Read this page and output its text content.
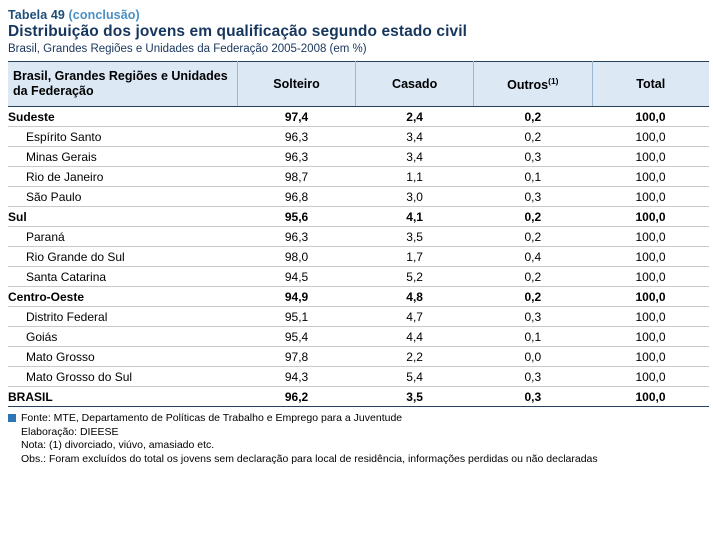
Tabela 49 (conclusão)
Distribuição dos jovens em qualificação segundo estado civil
Brasil, Grandes Regiões e Unidades da Federação 2005-2008 (em %)
Brasil, Grandes Regiões e Unidades da Federação	Solteiro	Casado	Outros$^{(1)}$	Total
Sudeste	97,4	2,4	0,2	100,0
Espírito Santo	96,3	3,4	0,2	100,0
Minas Gerais	96,3	3,4	0,3	100,0
Rio de Janeiro	98,7	1,1	0,1	100,0
São Paulo	96,8	3,0	0,3	100,0
Sul	95,6	4,1	0,2	100,0
Paraná	96,3	3,5	0,2	100,0
Rio Grande do Sul	98,0	1,7	0,4	100,0
Santa Catarina	94,5	5,2	0,2	100,0
Centro-Oeste	94,9	4,8	0,2	100,0
Distrito Federal	95,1	4,7	0,3	100,0
Goiás	95,4	4,4	0,1	100,0
Mato Grosso	97,8	2,2	0,0	100,0
Mato Grosso do Sul	94,3	5,4	0,3	100,0
BRASIL	96,2	3,5	0,3	100,0
Fonte: MTE, Departamento de Políticas de Trabalho e Emprego para a Juventude
Elaboração: DIEESE
Nota: (1) divorciado, viúvo, amasiado etc.
Obs.: Foram excluídos do total os jovens sem declaração para local de residência, informações perdidas ou não declaradas
